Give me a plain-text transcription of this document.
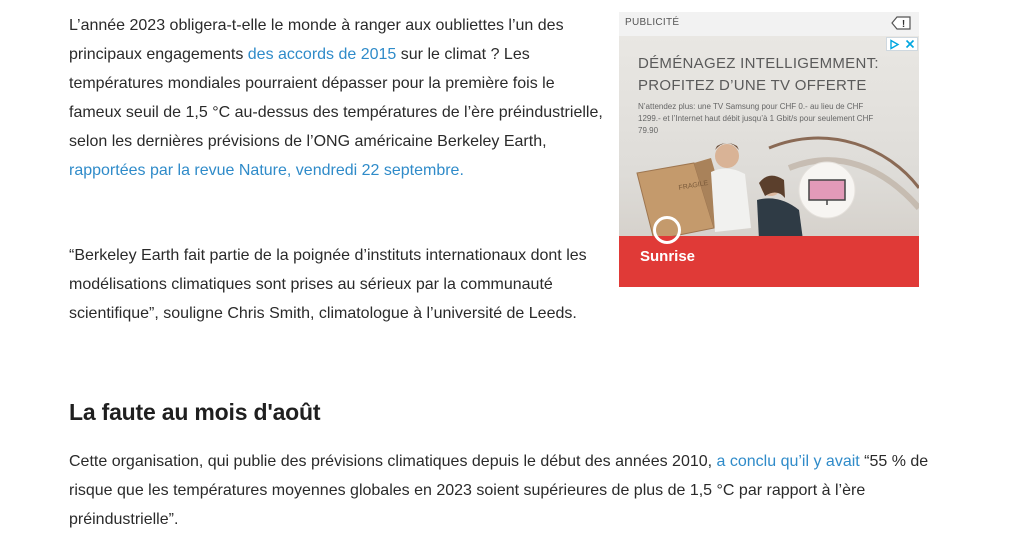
L’année 2023 obligera-t-elle le monde à ranger aux oubliettes l’un des principaux engagements des accords de 2015 sur le climat ? Les températures mondiales pourraient dépasser pour la première fois le fameux seuil de 1,5 °C au-dessus des températures de l’ère préindustrielle, selon les dernières prévisions de l’ONG américaine Berkeley Earth, rapportées par la revue Nature, vendredi 22 septembre.

“Berkeley Earth fait partie de la poignée d’instituts internationaux dont les modélisations climatiques sont prises au sérieux par la communauté scientifique”, souligne Chris Smith, climatologue à l’université de Leeds.

La faute au mois d'août

Cette organisation, qui publie des prévisions climatiques depuis le début des années 2010, a conclu qu’il y avait “55 % de risque que les températures moyennes globales en 2023 soient supérieures de plus de 1,5 °C par rapport à l’ère préindustrielle”.

PUBLICITÉ	!
DÉMÉNAGEZ INTELLIGEMMENT:
PROFITEZ D’UNE TV OFFERTE
N’attendez plus: une TV Samsung pour CHF 0.- au lieu de CHF 1299.- et l’Internet haut débit jusqu’à 1 Gbit/s pour seulement CHF 79.90
FRAGILE
Sunrise
